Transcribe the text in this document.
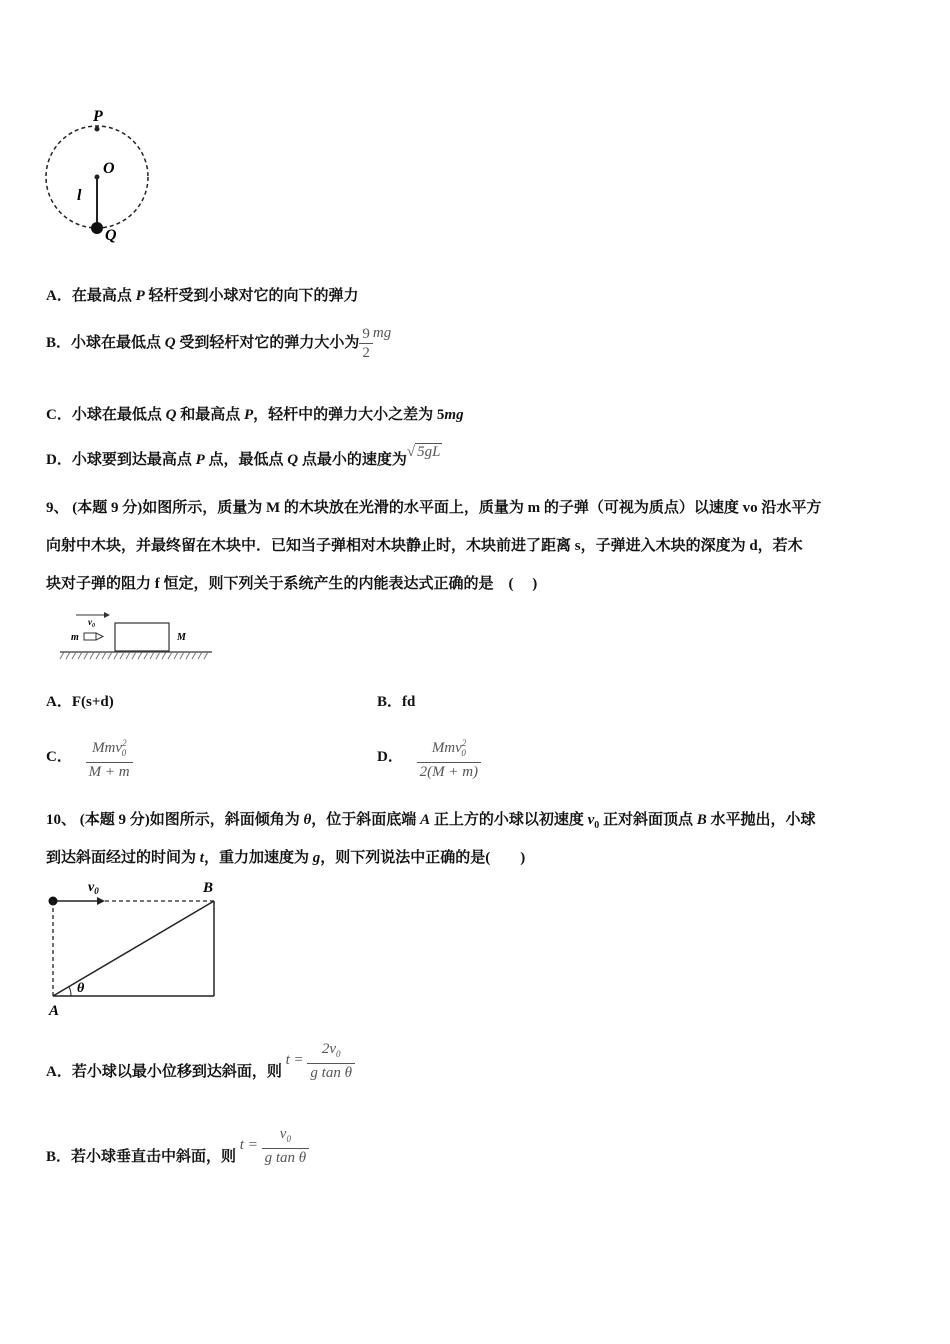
P
O
l
Q
A．在最高点 P 轻杆受到小球对它的向下的弹力
B．小球在最低点 Q 受到轻杆对它的弹力大小为 $\frac{9}{2}$ mg
C．小球在最低点 Q 和最高点 P，轻杆中的弹力大小之差为 5mg
D．小球要到达最高点 P 点，最低点 Q 点最小的速度为√ 5gL
9、 (本题 9 分)如图所示，质量为 M 的木块放在光滑的水平面上，质量为 m 的子弹（可视为质点）以速度 vo 沿水平方
向射中木块，并最终留在木块中．已知当子弹相对木块静止时，木块前进了距离 s，子弹进入木块的深度为 d，若木
块对子弹的阻力 f 恒定，则下列关于系统产生的内能表达式正确的是　(　 )
$v_0$
m	M
A．F(s+d)	B．fd
C． $\frac{Mmv^2_0}{M + m}$	D． $\frac{Mmv^2_0}{2(M + m)}$
10、 (本题 9 分)如图所示，斜面倾角为 θ，位于斜面底端 A 正上方的小球以初速度 $v_0$ 正对斜面顶点 B 水平抛出，小球
到达斜面经过的时间为 t，重力加速度为 g，则下列说法中正确的是(　　)
θ
$v_0$	B
A
A．若小球以最小位移到达斜面，则 $t = \frac{2v_0}{\text{g tan θ}}$
B．若小球垂直击中斜面，则 $t = \frac{v_0}{\text{g tan θ}}$
